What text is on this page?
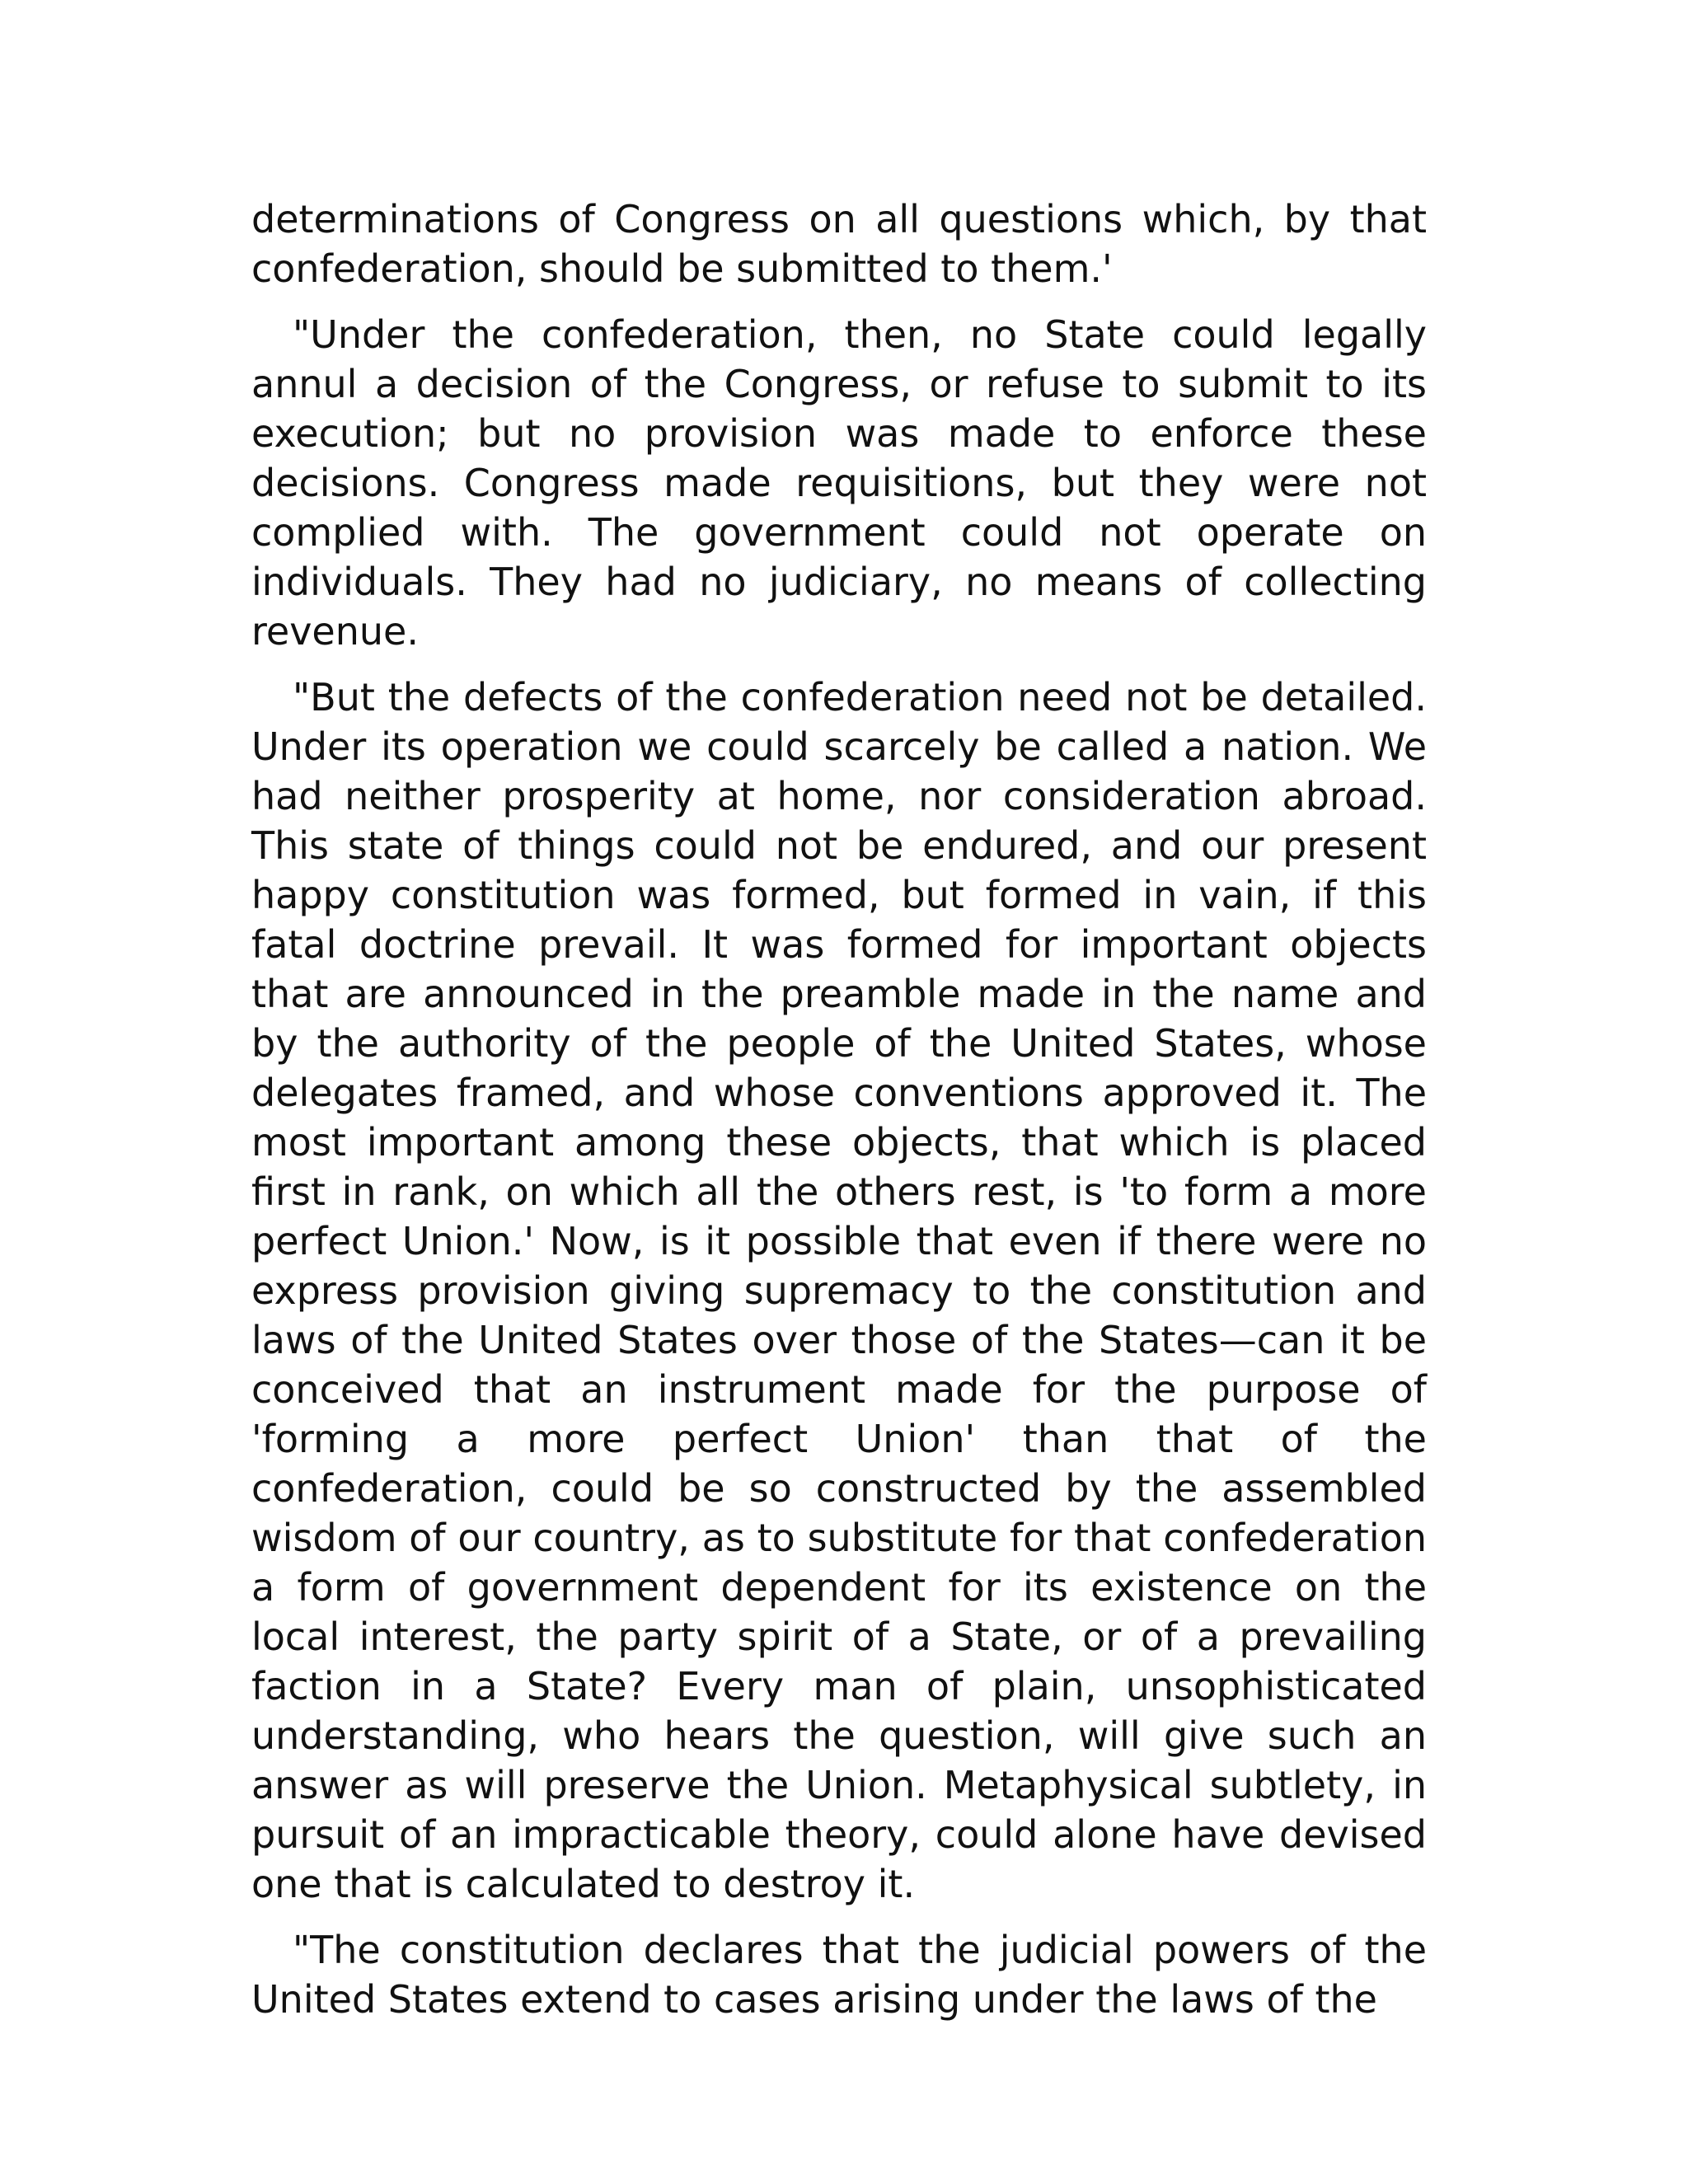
determinations of Congress on all questions which, by that confederation, should be submitted to them.'

"Under the confederation, then, no State could legally annul a decision of the Congress, or refuse to submit to its execution; but no provision was made to enforce these decisions. Congress made requisitions, but they were not complied with. The government could not operate on individuals. They had no judiciary, no means of collecting revenue.

"But the defects of the confederation need not be detailed. Under its operation we could scarcely be called a nation. We had neither prosperity at home, nor consideration abroad. This state of things could not be endured, and our present happy constitution was formed, but formed in vain, if this fatal doctrine prevail. It was formed for important objects that are announced in the preamble made in the name and by the authority of the people of the United States, whose delegates framed, and whose conventions approved it. The most important among these objects, that which is placed first in rank, on which all the others rest, is 'to form a more perfect Union.' Now, is it possible that even if there were no express provision giving supremacy to the constitution and laws of the United States over those of the States—can it be conceived that an instrument made for the purpose of 'forming a more perfect Union' than that of the confederation, could be so constructed by the assembled wisdom of our country, as to substitute for that confederation a form of government dependent for its existence on the local interest, the party spirit of a State, or of a prevailing faction in a State? Every man of plain, unsophisticated understanding, who hears the question, will give such an answer as will preserve the Union. Metaphysical subtlety, in pursuit of an impracticable theory, could alone have devised one that is calculated to destroy it.

"The constitution declares that the judicial powers of the United States extend to cases arising under the laws of the
